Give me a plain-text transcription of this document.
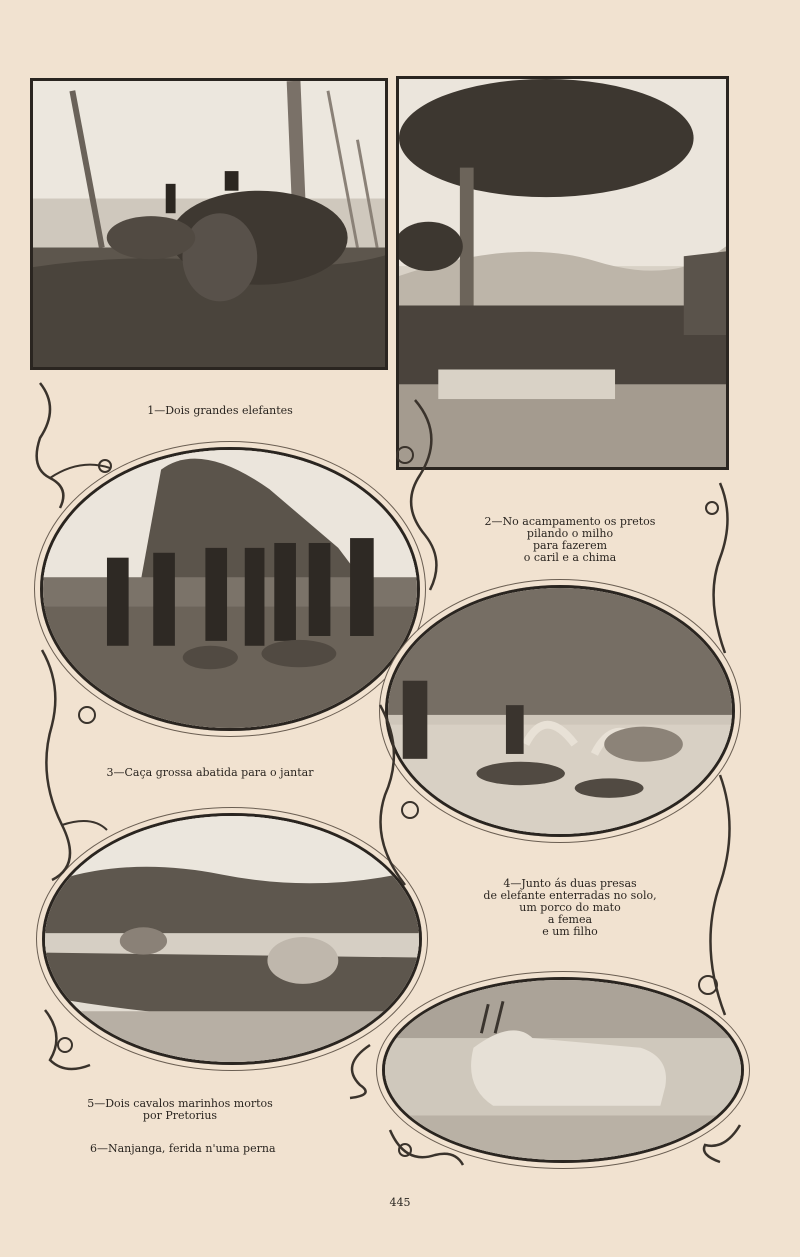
1—Dois grandes elefantes
2—No acampamento os pretos
pilando o milho
para fazerem
o caril e a chima
3—Caça grossa abatida para o jantar
4—Junto ás duas presas
de elefante enterradas no solo,
um porco do mato
a femea
e um filho
5—Dois cavalos marinhos mortos
por Pretorius
6—Nanjanga, ferida n'uma perna
445
